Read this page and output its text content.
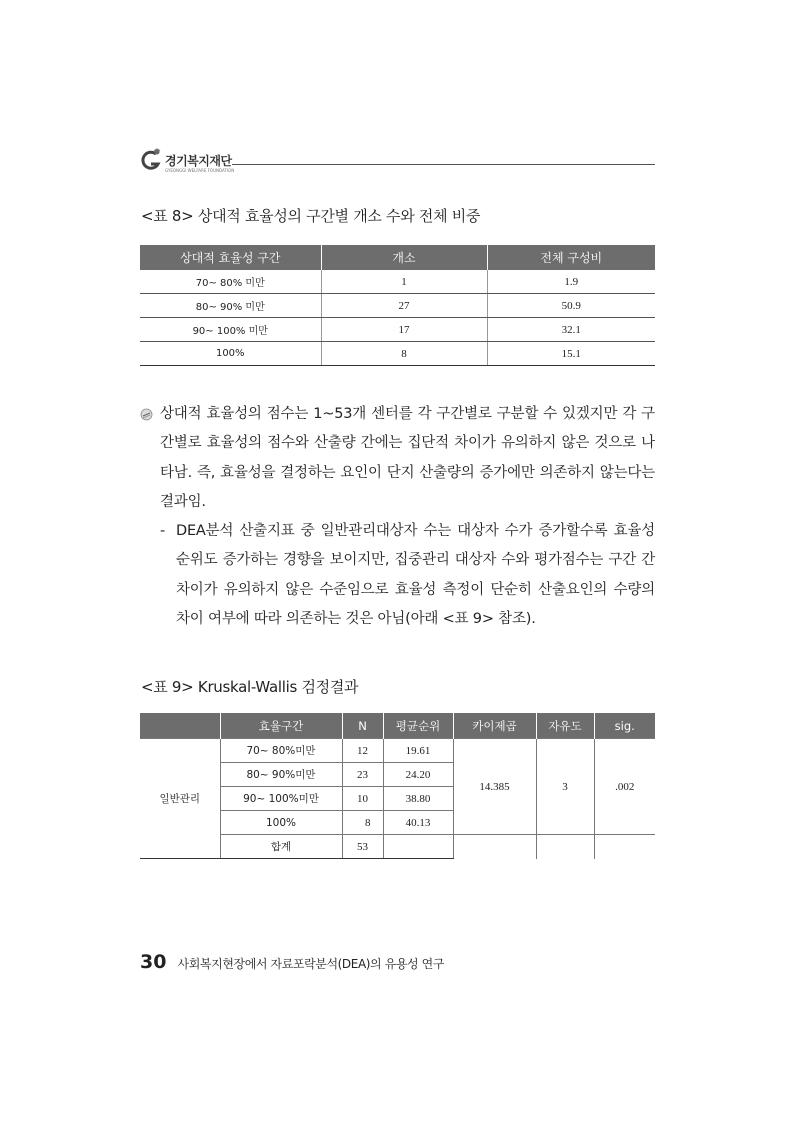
경기복지재단
GYEONGGI WELFARE FOUNDATION
<표 8> 상대적 효율성의 구간별 개소 수와 전체 비중
상대적 효율성 구간	개소	전체 구성비
70~ 80% 미만	1	1.9
80~ 90% 미만	27	50.9
90~ 100% 미만	17	32.1
100%	8	15.1
상대적 효율성의 점수는 1~53개 센터를 각 구간별로 구분할 수 있겠지만 각 구간별로 효율성의 점수와 산출량 간에는 집단적 차이가 유의하지 않은 것으로 나타남. 즉, 효율성을 결정하는 요인이 단지 산출량의 증가에만 의존하지 않는다는 결과임.
- DEA분석 산출지표 중 일반관리대상자 수는 대상자 수가 증가할수록 효율성 순위도 증가하는 경향을 보이지만, 집중관리 대상자 수와 평가점수는 구간 간 차이가 유의하지 않은 수준임으로 효율성 측정이 단순히 산출요인의 수량의 차이 여부에 따라 의존하는 것은 아님(아래 <표 9> 참조).
<표 9> Kruskal-Wallis 검정결과
	효율구간	N	평균순위	카이제곱	자유도	sig.
일반관리	70~ 80%미만	12	19.61	14.385	3	.002
	80~ 90%미만	23	24.20			
	90~ 100%미만	10	38.80			
	100%	8	40.13			
	합계	53				
30 사회복지현장에서 자료포락분석(DEA)의 유용성 연구
